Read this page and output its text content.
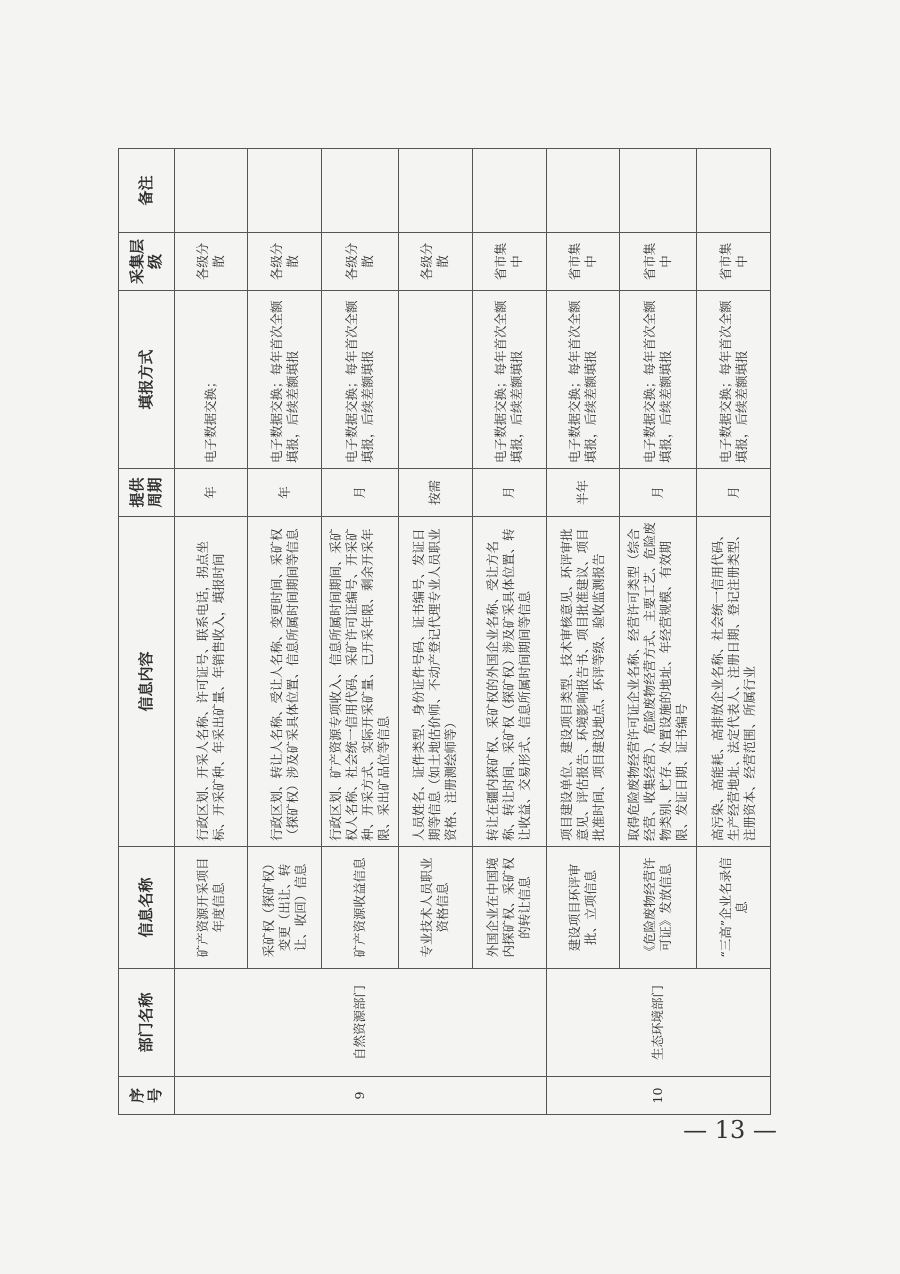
序号	部门名称	信息名称	信息内容	提供周期	填报方式	采集层级	备注
9	自然资源部门	矿产资源开采项目年度信息	行政区划、开采人名称、许可证号、联系电话，拐点坐标、开采矿种、年采出矿量、年销售收入，填报时间	年	电子数据交换；	各级分散	
		采矿权（探矿权）变更（出让、转让、收回）信息	行政区划、转让人名称、受让人名称、变更时间、采矿权（探矿权）涉及矿采具体位置、信息所属时间期间等信息	年	电子数据交换；每年首次全额填报，后续差额填报	各级分散	
		矿产资源收益信息	行政区划、矿产资源专项收入、信息所属时间期间、采矿权人名称、社会统一信用代码、采矿许可证编号、开采矿种、开采方式、实际开采矿量、已开采年限、剩余开采年限、采出矿品位等信息	月	电子数据交换；每年首次全额填报，后续差额填报	各级分散	
		专业技术人员职业资格信息	人员姓名、证件类型、身份证件号码、证书编号、发证日期等信息（如土地估价师、不动产登记代理专业人员职业资格、注册测绘师等）	按需		各级分散	
		外国企业在中国境内探矿权、采矿权的转让信息	转让在疆内探矿权、采矿权的外国企业名称、受让方名称、转让时间、采矿权（探矿权）涉及矿采具体位置、转让收益、交易形式、信息所属时间期间等信息	月	电子数据交换；每年首次全额填报，后续差额填报	省市集中	
10	生态环境部门	建设项目环评审批、立项信息	项目建设单位、建设项目类型、技术审核意见、环评审批意见、评估报告、环境影响报告书、项目批准建议、项目批准时间、项目建设地点、环评等级、验收监测报告	半年	电子数据交换；每年首次全额填报，后续差额填报	省市集中	
		《危险废物经营许可证》发放信息	取得危险废物经营许可证企业名称、经营许可类型（综合经营、收集经营）、危险废物经营方式、主要工艺、危险废物类别、贮存、处置设施的地址、年经营规模、有效期限、发证日期、证书编号	月	电子数据交换；每年首次全额填报，后续差额填报	省市集中	
		“三高”企业名录信息	高污染、高能耗、高排放企业名称、社会统一信用代码、生产经营地址、法定代表人、注册日期、登记注册类型、注册资本、经营范围、所属行业	月	电子数据交换；每年首次全额填报，后续差额填报	省市集中	
— 13 —
